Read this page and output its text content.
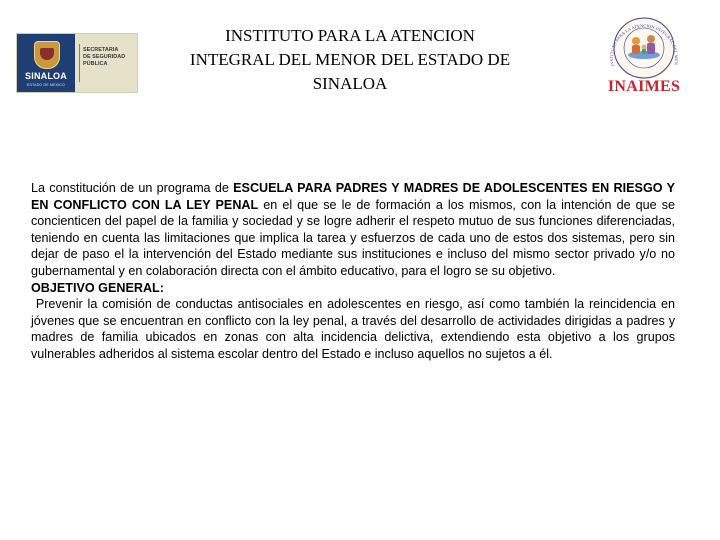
SINALOA
ESTADO DE MEXICO
SECRETARIA
DE SEGURIDAD
PÚBLICA
INSTITUTO PARA LA ATENCION
INTEGRAL DEL MENOR DEL ESTADO DE
SINALOA
INSTITUTO PARA LA ATENCION INTEGRAL DEL MEN
INAIMES

La constitución de un programa de ESCUELA PARA PADRES Y MADRES DE ADOLESCENTES EN RIESGO Y EN CONFLICTO CON LA LEY PENAL en el que se le de formación a los mismos, con la intención de que se concienticen del papel de la familia y sociedad y se logre adherir el respeto mutuo de sus funciones diferenciadas, teniendo en cuenta las limitaciones que implica la tarea y esfuerzos de cada uno de estos dos sistemas, pero sin dejar de paso el la intervención del Estado mediante sus instituciones e incluso del mismo sector privado y/o no gubernamental y en colaboración directa con el ámbito educativo, para el logro se su objetivo.

OBJETIVO GENERAL:

Prevenir la comisión de conductas antisociales en adolescentes en riesgo, así como también la reincidencia en jóvenes que se encuentran en conflicto con la ley penal, a través del desarrollo de actividades dirigidas a padres y madres de familia ubicados en zonas con alta incidencia delictiva, extendiendo esta objetivo a los grupos vulnerables adheridos al sistema escolar dentro del Estado e incluso aquellos no sujetos a él.
